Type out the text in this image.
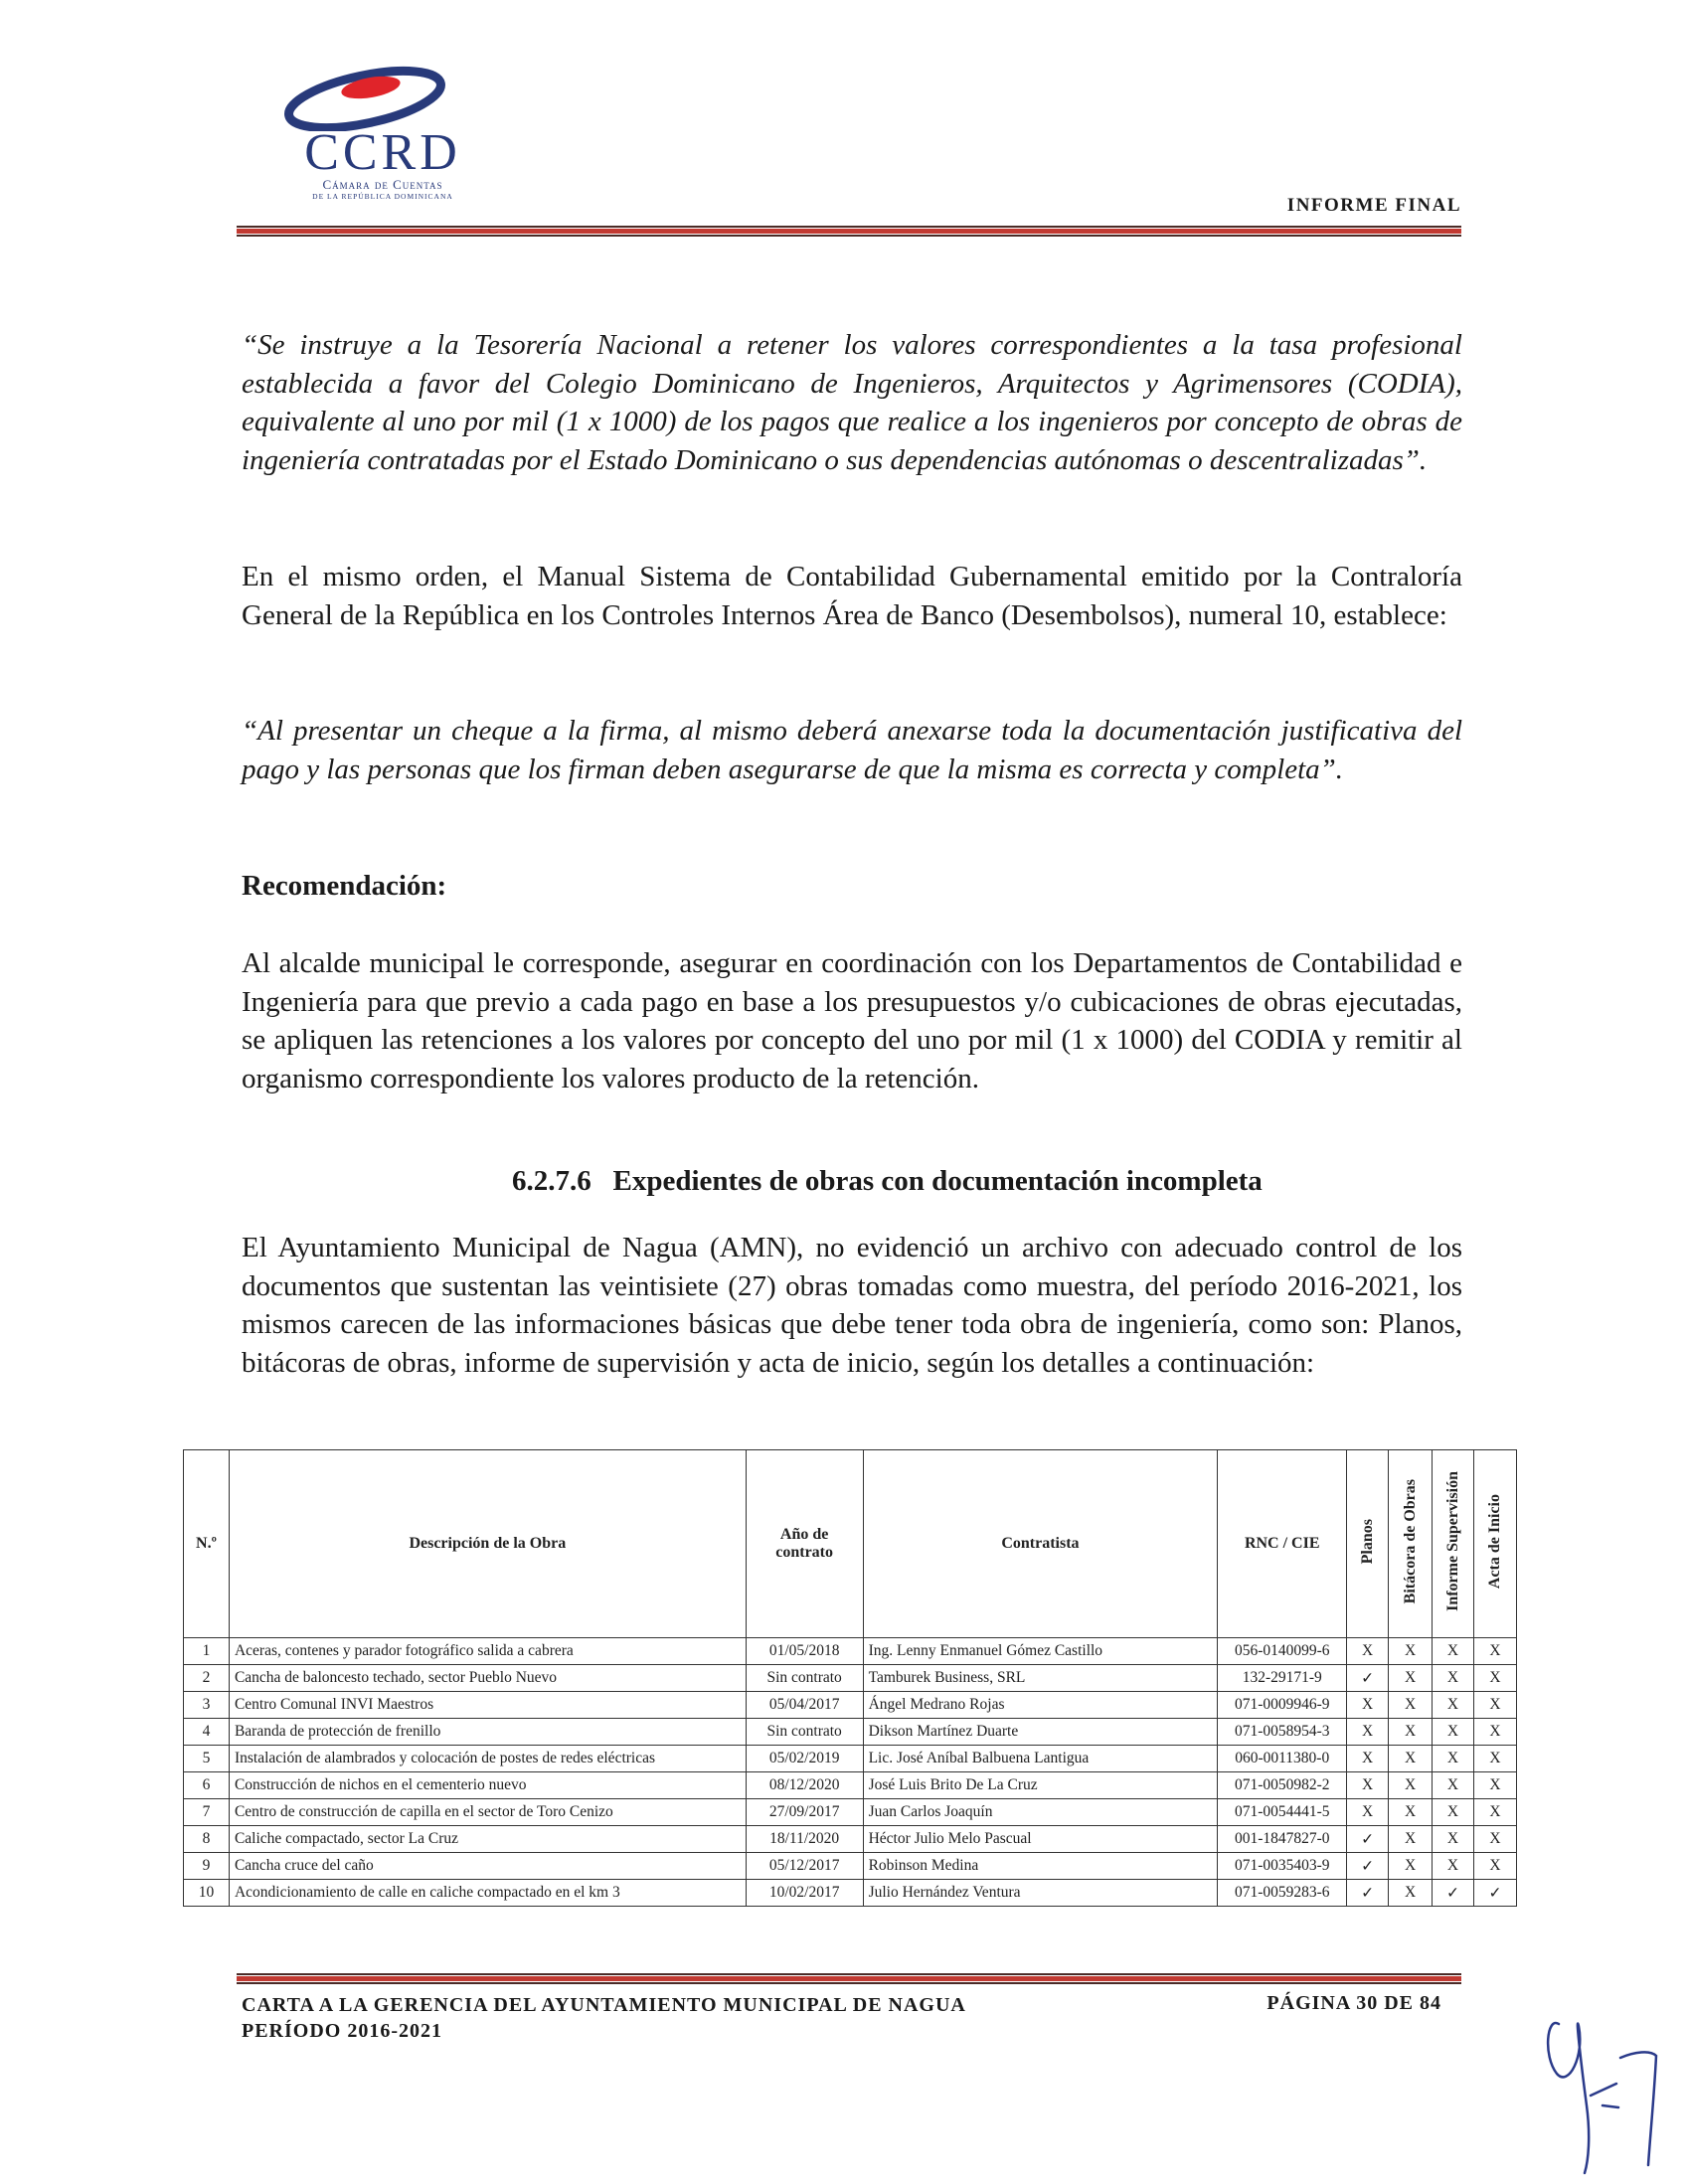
CCRD
Cámara de Cuentas
DE LA REPÚBLICA DOMINICANA	INFORME FINAL
“Se instruye a la Tesorería Nacional a retener los valores correspondientes a la tasa profesional establecida a favor del Colegio Dominicano de Ingenieros, Arquitectos y Agrimensores (CODIA), equivalente al uno por mil (1 x 1000) de los pagos que realice a los ingenieros por concepto de obras de ingeniería contratadas por el Estado Dominicano o sus dependencias autónomas o descentralizadas”.
En el mismo orden, el Manual Sistema de Contabilidad Gubernamental emitido por la Contraloría General de la República en los Controles Internos Área de Banco (Desembolsos), numeral 10, establece:
“Al presentar un cheque a la firma, al mismo deberá anexarse toda la documentación justificativa del pago y las personas que los firman deben asegurarse de que la misma es correcta y completa”.
Recomendación:
Al alcalde municipal le corresponde, asegurar en coordinación con los Departamentos de Contabilidad e Ingeniería para que previo a cada pago en base a los presupuestos y/o cubicaciones de obras ejecutadas, se apliquen las retenciones a los valores por concepto del uno por mil (1 x 1000) del CODIA y remitir al organismo correspondiente los valores producto de la retención.
6.2.7.6 Expedientes de obras con documentación incompleta
El Ayuntamiento Municipal de Nagua (AMN), no evidenció un archivo con adecuado control de los documentos que sustentan las veintisiete (27) obras tomadas como muestra, del período 2016-2021, los mismos carecen de las informaciones básicas que debe tener toda obra de ingeniería, como son: Planos, bitácoras de obras, informe de supervisión y acta de inicio, según los detalles a continuación:
N.º	Descripción de la Obra	Año de contrato	Contratista	RNC / CIE	Planos	Bitácora de Obras	Informe Supervisión	Acta de Inicio
1	Aceras, contenes y parador fotográfico salida a cabrera	01/05/2018	Ing. Lenny Enmanuel Gómez Castillo	056-0140099-6	X	X	X	X
2	Cancha de baloncesto techado, sector Pueblo Nuevo	Sin contrato	Tamburek Business, SRL	132-29171-9	✓	X	X	X
3	Centro Comunal INVI Maestros	05/04/2017	Ángel Medrano Rojas	071-0009946-9	X	X	X	X
4	Baranda de protección de frenillo	Sin contrato	Dikson Martínez Duarte	071-0058954-3	X	X	X	X
5	Instalación de alambrados y colocación de postes de redes eléctricas	05/02/2019	Lic. José Aníbal Balbuena Lantigua	060-0011380-0	X	X	X	X
6	Construcción de nichos en el cementerio nuevo	08/12/2020	José Luis Brito De La Cruz	071-0050982-2	X	X	X	X
7	Centro de construcción de capilla en el sector de Toro Cenizo	27/09/2017	Juan Carlos Joaquín	071-0054441-5	X	X	X	X
8	Caliche compactado, sector La Cruz	18/11/2020	Héctor Julio Melo Pascual	001-1847827-0	✓	X	X	X
9	Cancha cruce del caño	05/12/2017	Robinson Medina	071-0035403-9	✓	X	X	X
10	Acondicionamiento de calle en caliche compactado en el km 3	10/02/2017	Julio Hernández Ventura	071-0059283-6	✓	X	✓	✓
CARTA A LA GERENCIA DEL AYUNTAMIENTO MUNICIPAL DE NAGUA
PERÍODO 2016-2021
PÁGINA 30 DE 84
